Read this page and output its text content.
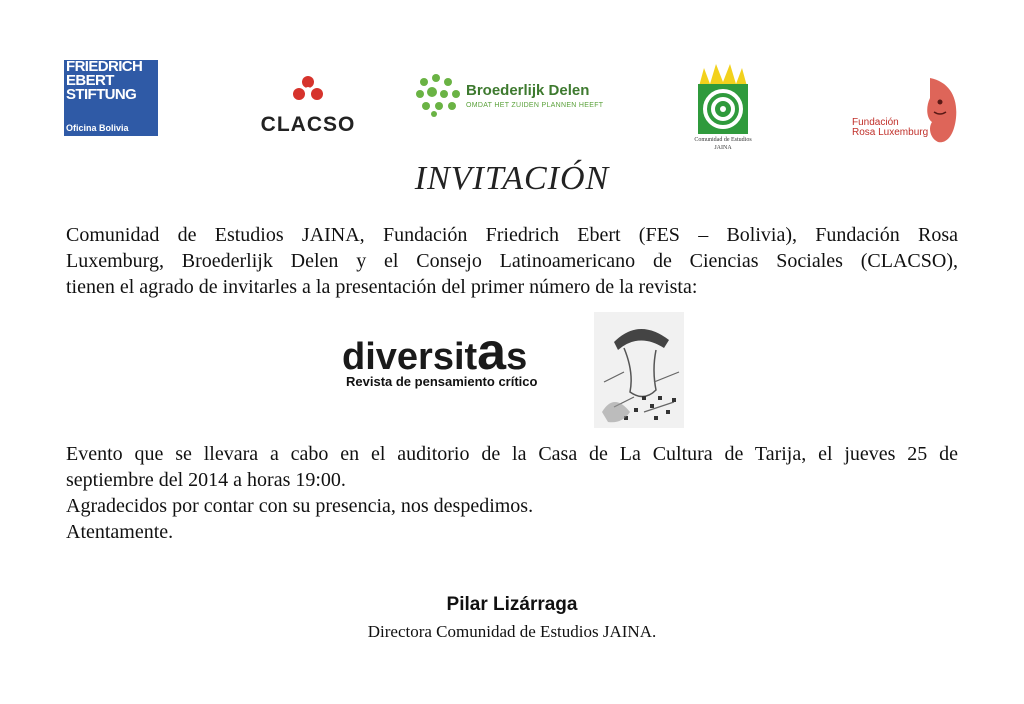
FRIEDRICH
EBERT
STIFTUNG
Oficina Bolivia	CLACSO
Broederlijk Delen
OMDAT HET ZUIDEN PLANNEN HEEFT
Comunidad de Estudios
JAINA
Fundación
Rosa Luxemburg
INVITACIÓN
Comunidad de Estudios JAINA, Fundación Friedrich Ebert (FES – Bolivia), Fundación Rosa
Luxemburg, Broederlijk Delen y el Consejo Latinoamericano de Ciencias Sociales (CLACSO),
tienen el agrado de invitarles a la presentación del primer número de la revista:
diversitas
Revista de pensamiento crítico
Evento que se llevara a cabo en el auditorio de la Casa de La Cultura de Tarija, el jueves 25 de
septiembre del 2014 a horas 19:00.
Agradecidos por contar con su presencia, nos despedimos.
Atentamente.
Pilar Lizárraga
Directora Comunidad de Estudios JAINA.
